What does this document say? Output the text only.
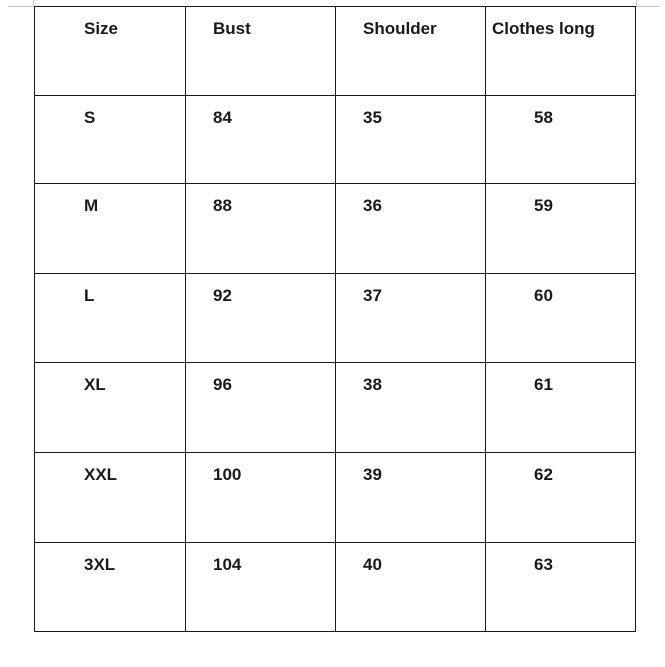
Size	Bust	Shoulder	Clothes long

S	84	35	58

M	88	36	59

L	92	37	60

XL	96	38	61

XXL	100	39	62

3XL	104	40	63
